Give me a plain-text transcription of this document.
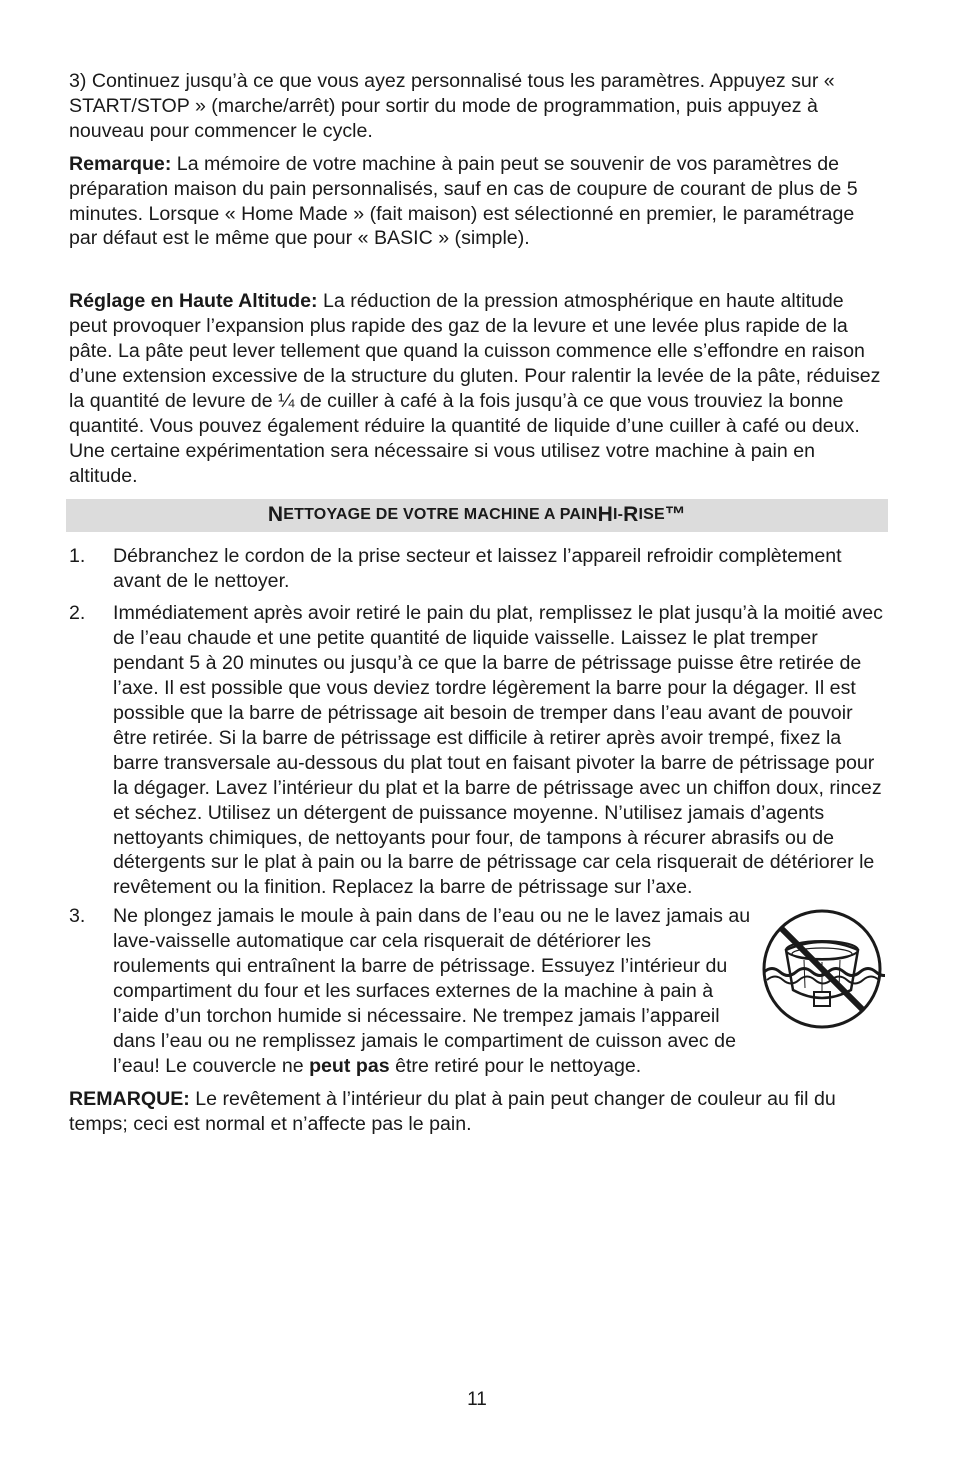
3) Continuez jusqu’à ce que vous ayez personnalisé tous les paramètres. Appuyez sur « START/STOP » (marche/arrêt) pour sortir du mode de programmation, puis appuyez à nouveau pour commencer le cycle.

Remarque: La mémoire de votre machine à pain peut se souvenir de vos paramètres de préparation maison du pain personnalisés, sauf en cas de coupure de courant de plus de 5 minutes. Lorsque « Home Made » (fait maison) est sélectionné en premier, le paramétrage par défaut est le même que pour « BASIC » (simple).

Réglage en Haute Altitude: La réduction de la pression atmosphérique en haute altitude peut provoquer l’expansion plus rapide des gaz de la levure et une levée plus rapide de la pâte. La pâte peut lever tellement que quand la cuisson commence elle s’effondre en raison d’une extension excessive de la structure du gluten. Pour ralentir la levée de la pâte, réduisez la quantité de levure de ¼ de cuiller à café à la fois jusqu’à ce que vous trouviez la bonne quantité. Vous pouvez également réduire la quantité de liquide d’une cuiller à café ou deux. Une certaine expérimentation sera nécessaire si vous utilisez votre machine à pain en altitude.

N ETTOYAGE DE VOTRE MACHINE A PAIN H I- R ISE ™
1. Débranchez le cordon de la prise secteur et laissez l’appareil refroidir complètement avant de le nettoyer.
2. Immédiatement après avoir retiré le pain du plat, remplissez le plat jusqu’à la moitié avec de l’eau chaude et une petite quantité de liquide vaisselle. Laissez le plat tremper pendant 5 à 20 minutes ou jusqu’à ce que la barre de pétrissage puisse être retirée de l’axe. Il est possible que vous deviez tordre légèrement la barre pour la dégager. Il est possible que la barre de pétrissage ait besoin de tremper dans l’eau avant de pouvoir être retirée. Si la barre de pétrissage est difficile à retirer après avoir trempé, fixez la barre transversale au-dessous du plat tout en faisant pivoter la barre de pétrissage pour la dégager. Lavez l’intérieur du plat et la barre de pétrissage avec un chiffon doux, rincez et séchez. Utilisez un détergent de puissance moyenne. N’utilisez jamais d’agents nettoyants chimiques, de nettoyants pour four, de tampons à récurer abrasifs ou de détergents sur le plat à pain ou la barre de pétrissage car cela risquerait de détériorer le revêtement ou la finition. Replacez la barre de pétrissage sur l’axe.
3. Ne plongez jamais le moule à pain dans de l’eau ou ne le lavez jamais au lave-vaisselle automatique car cela risquerait de détériorer les roulements qui entraînent la barre de pétrissage. Essuyez l’intérieur du compartiment du four et les surfaces externes de la machine à pain à l’aide d’un torchon humide si nécessaire. Ne trempez jamais l’appareil dans l’eau ou ne remplissez jamais le compartiment de cuisson avec de l’eau! Le couvercle ne peut pas être retiré pour le nettoyage.

REMARQUE: Le revêtement à l’intérieur du plat à pain peut changer de couleur au fil du temps; ceci est normal et n’affecte pas le pain.

11
